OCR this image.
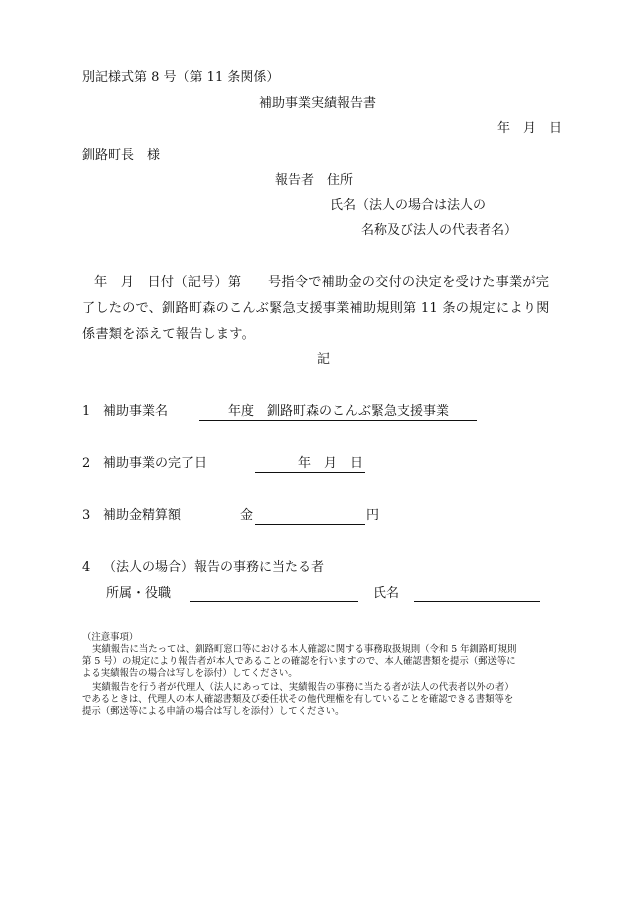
別記様式第 8 号（第 11 条関係）
補助事業実績報告書
年　月　日
釧路町長　様
報告者　住所
氏名（法人の場合は法人の
名称及び法人の代表者名）
年　月　日付（記号）第　　号指令で補助金の交付の決定を受けた事業が完
了したので、釧路町森のこんぶ緊急支援事業補助規則第 11 条の規定により関
係書類を添えて報告します。
記
1 補助事業名	年度　釧路町森のこんぶ緊急支援事業
2 補助事業の完了日	年　月　日
3 補助金精算額	金	円
4 （法人の場合）報告の事務に当たる者
所属・役職	氏名
（注意事項）
実績報告に当たっては、釧路町窓口等における本人確認に関する事務取扱規則（令和 5 年釧路町規則
第 5 号）の規定により報告者が本人であることの確認を行いますので、本人確認書類を提示（郵送等に
よる実績報告の場合は写しを添付）してください。
実績報告を行う者が代理人（法人にあっては、実績報告の事務に当たる者が法人の代表者以外の者）
であるときは、代理人の本人確認書類及び委任状その他代理権を有していることを確認できる書類等を
提示（郵送等による申請の場合は写しを添付）してください。
